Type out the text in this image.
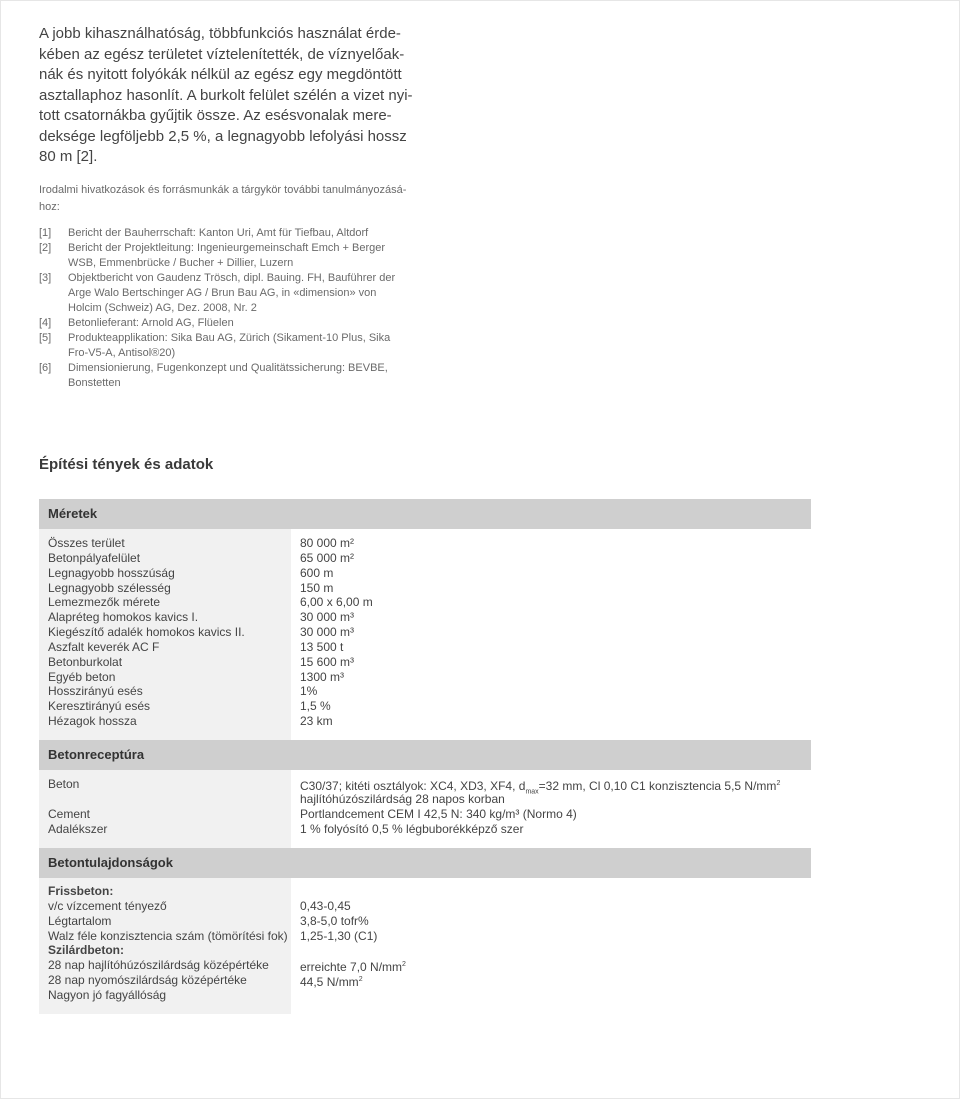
A jobb kihasználhatóság, többfunkciós használat érde-
kében az egész területet víztelenítették, de víznyelőak-
nák és nyitott folyókák nélkül az egész egy megdöntött
asztallaphoz hasonlít. A burkolt felület szélén a vizet nyi-
tott csatornákba gyűjtik össze. Az esésvonalak mere-
deksége legföljebb 2,5 %, a legnagyobb lefolyási hossz
80 m [2].
Irodalmi hivatkozások és forrásmunkák a tárgykör további tanulmányozásá-
hoz:
[1]	Bericht der Bauherrschaft: Kanton Uri, Amt für Tiefbau, Altdorf
[2]	Bericht der Projektleitung: Ingenieurgemeinschaft Emch + Berger
WSB, Emmenbrücke / Bucher + Dillier, Luzern
[3]	Objektbericht von Gaudenz Trösch, dipl. Bauing. FH, Bauführer der
Arge Walo Bertschinger AG / Brun Bau AG, in «dimension» von
Holcim (Schweiz) AG, Dez. 2008, Nr. 2
[4]	Betonlieferant: Arnold AG, Flüelen
[5]	Produkteapplikation: Sika Bau AG, Zürich (Sikament-10 Plus, Sika
Fro-V5-A, Antisol®20)
[6]	Dimensionierung, Fugenkonzept und Qualitätssicherung: BEVBE,
Bonstetten
Építési tények és adatok
Méretek
Összes terület	80 000 m²
Betonpályafelület	65 000 m²
Legnagyobb hosszúság	600 m
Legnagyobb szélesség	150 m
Lemezmezők mérete	6,00 x 6,00 m
Alapréteg homokos kavics I.	30 000 m³
Kiegészítő adalék homokos kavics II.	30 000 m³
Aszfalt keverék AC F	13 500 t
Betonburkolat	15 600 m³
Egyéb beton	1300 m³
Hosszirányú esés	1%
Keresztirányú esés	1,5 %
Hézagok hossza	23 km
Betonreceptúra
Beton	C30/37; kitéti osztályok: XC4, XD3, XF4, $d_{max}=32$ mm, Cl 0,10 C1 konzisztencia 5,5 $N/mm^2$
hajlítóhúzószilárdság 28 napos korban
Cement	Portlandcement CEM I 42,5 N: 340 kg/m³ (Normo 4)
Adalékszer	1 % folyósító 0,5 % légbuborékképző szer
Betontulajdonságok
Frissbeton:
v/c vízcement tényező	0,43-0,45
Légtartalom	3,8-5,0 tofr%
Walz féle konzisztencia szám (tömörítési fok)	1,25-1,30 (C1)
Szilárdbeton:
28 nap hajlítóhúzószilárdság középértéke	erreichte 7,0 $N/mm^2$
28 nap nyomószilárdság középértéke	44,5 $N/mm^2$
Nagyon jó fagyállóság
